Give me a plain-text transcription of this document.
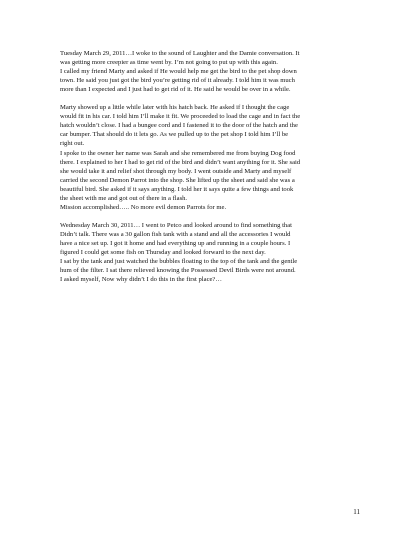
Tuesday March 29, 2011…I woke to the sound of Laughter and the Damie conversation. It
was getting more creepier as time went by. I’m not going to put up with this again.
I called my friend Marty and asked if He would help me get the bird to the pet shop down
town. He said you just got the bird you’re getting rid of it already. I told him it was much
more than I expected and I just had to get rid of it. He said he would be over in a while.

Marty showed up a little while later with his hatch back. He asked if I thought the cage
would fit in his car. I told him I’ll make it fit. We proceeded to load the cage and in fact the
hatch wouldn’t close. I had a bungee cord and I fastened it to the door of the hatch and the
car bumper. That should do it lets go. As we pulled up to the pet shop I told him I’ll be
right out.
I spoke to the owner her name was Sarah and she remembered me from buying Dog food
there. I explained to her I had to get rid of the bird and didn’t want anything for it. She said
she would take it and relief shot through my body. I went outside and Marty and myself
carried the second Demon Parrot into the shop. She lifted up the sheet and said she was a
beautiful bird. She asked if it says anything. I told her it says quite a few things and took
the sheet with me and got out of there in a flash.
Mission accomplished….. No more evil demon Parrots for me.

Wednesday March 30, 2011… I went to Petco and looked around to find something that
Didn’t talk. There was a 30 gallon fish tank with a stand and all the accessories I would
have a nice set up. I got it home and had everything up and running in a couple hours. I
figured I could get some fish on Thursday and looked forward to the next day.
I sat by the tank and just watched the bubbles floating to the top of the tank and the gentle
hum of the filter. I sat there relieved knowing the Possessed Devil Birds were not around.
I asked myself, Now why didn’t I do this in the first place?…

11
